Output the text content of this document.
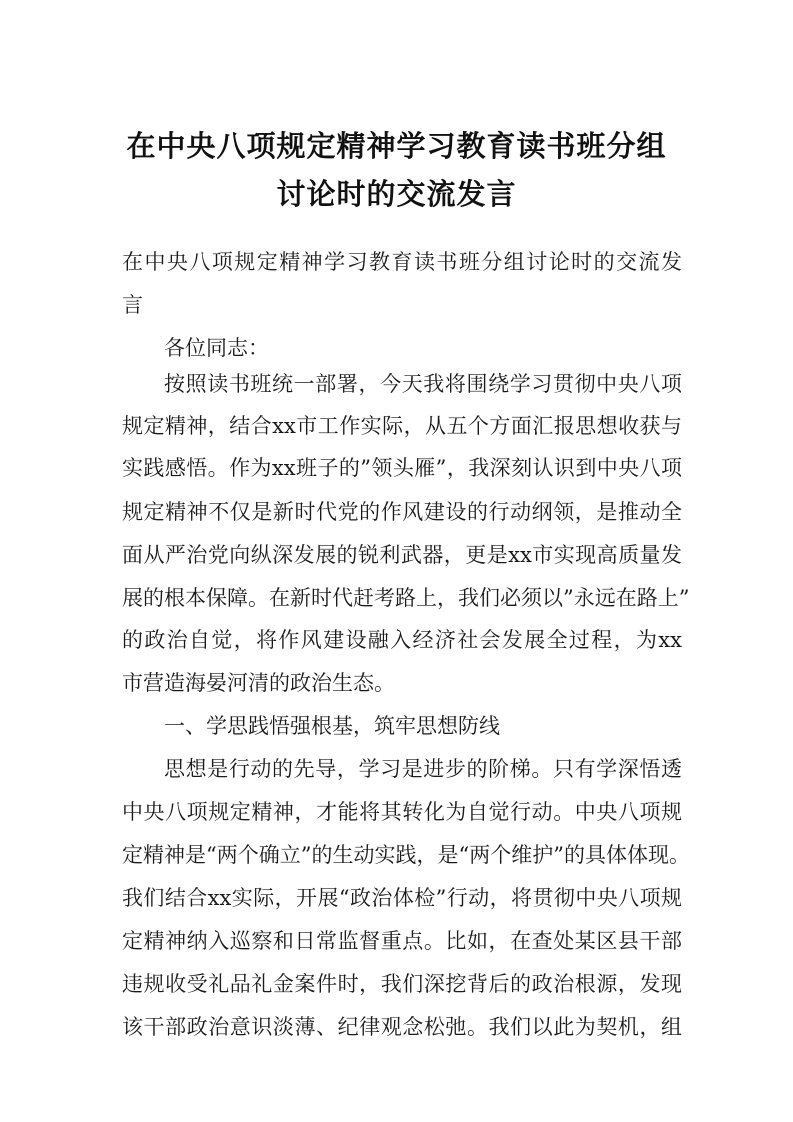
在中央八项规定精神学习教育读书班分组
讨论时的交流发言
在中央八项规定精神学习教育读书班分组讨论时的交流发
言
各位同志：
按照读书班统一部署，今天我将围绕学习贯彻中央八项
规定精神，结合xx市工作实际，从五个方面汇报思想收获与
实践感悟。作为xx班子的”领头雁”，我深刻认识到中央八项
规定精神不仅是新时代党的作风建设的行动纲领，是推动全
面从严治党向纵深发展的锐利武器，更是xx市实现高质量发
展的根本保障。在新时代赶考路上，我们必须以”永远在路上”
的政治自觉，将作风建设融入经济社会发展全过程，为xx
市营造海晏河清的政治生态。
一、学思践悟强根基，筑牢思想防线
思想是行动的先导，学习是进步的阶梯。只有学深悟透
中央八项规定精神，才能将其转化为自觉行动。中央八项规
定精神是“两个确立”的生动实践，是“两个维护”的具体体现。
我们结合xx实际，开展“政治体检”行动，将贯彻中央八项规
定精神纳入巡察和日常监督重点。比如，在查处某区县干部
违规收受礼品礼金案件时，我们深挖背后的政治根源，发现
该干部政治意识淡薄、纪律观念松弛。我们以此为契机，组
